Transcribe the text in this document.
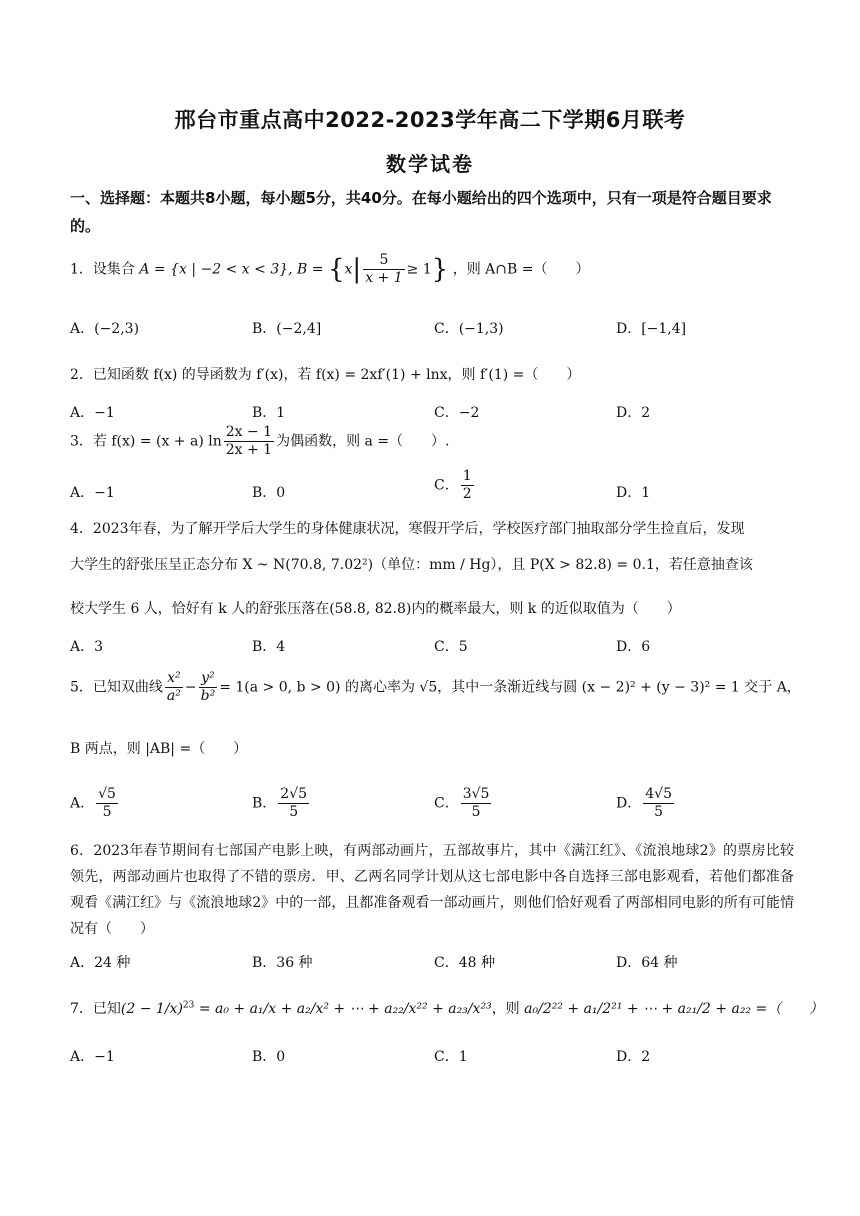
邢台市重点高中2022-2023学年高二下学期6月联考
数学试卷
一、选择题：本题共8小题，每小题5分，共40分。在每小题给出的四个选项中，只有一项是符合题目要求的。
1．设集合 A = {x | −2 < x < 3}, $B = \{x| \frac{5}{x + 1} \ge 1\}$ ，则 A∩B =（　　）
A．(−2,3)	B．(−2,4]	C．(−1,3)	D．[−1,4]
2．已知函数 f(x) 的导函数为 f′(x)，若 f(x) = 2xf′(1) + lnx，则 f′(1) =（　　）
A．−1	B．1	C．−2	D．2
3．若 f(x) = (x + a) $\ln \frac{2x - 1}{2x + 1}$ 为偶函数，则 a =（　　）.
A．−1	B．0	C． $\frac{1}{2}$	D．1
4．2023年春，为了解开学后大学生的身体健康状况，寒假开学后，学校医疗部门抽取部分学生捡直后，发现
大学生的舒张压呈正态分布 X ~ N(70.8, 7.02²)（单位：mm / Hg），且 P(X > 82.8) = 0.1，若任意抽查该
校大学生 6 人，恰好有 k 人的舒张压落在(58.8, 82.8)内的概率最大，则 k 的近似取值为（　　）
A．3	B．4	C．5	D．6
5．已知双曲线 $\frac{\text{x²}}{\text{a²}} - \frac{\text{y²}}{\text{b²}} = 1(a > 0$, b > 0) 的离心率为 √5，其中一条渐近线与圆 (x − 2)² + (y − 3)² = 1 交于 A，
B 两点，则 |AB| =（　　）
A． $\frac{√5}{5}$	B． $\frac{2√5}{5}$	C． $\frac{3√5}{5}$	D． $\frac{4√5}{5}$
6．2023年春节期间有七部国产电影上映，有两部动画片，五部故事片，其中《满江红》、《流浪地球2》的票房比较领先，两部动画片也取得了不错的票房．甲、乙两名同学计划从这七部电影中各自选择三部电影观看，若他们都准备观看《满江红》与《流浪地球2》中的一部，且都准备观看一部动画片，则他们恰好观看了两部相同电影的所有可能情况有（　　）
A．24 种	B．36 种	C．48 种	D．64 种
7．已知$(2 - 1/x)^{23} = a_0 + a_1/x + a_2/x^2$ + ⋯ + a₂₂/x²² + a₂₃/x²³，则 a₀/2²² + a₁/2²¹ + ⋯ + a₂₁/2 + a₂₂ =（　　）
A．−1	B．0	C．1	D．2
